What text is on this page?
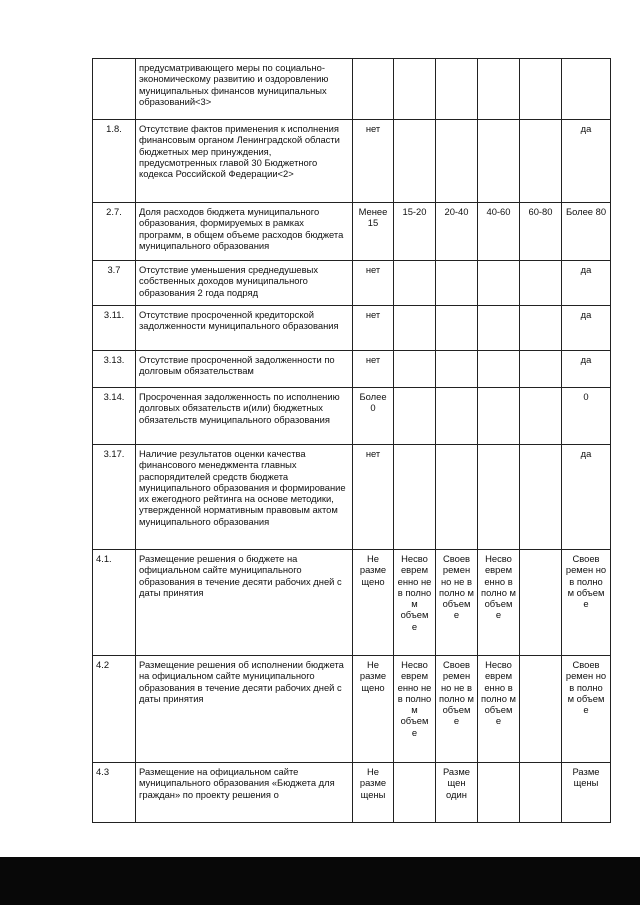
	предусматривающего меры по социально-экономическому развитию и оздоровлению муниципальных финансов муниципальных образований<3>						
1.8.	Отсутствие фактов применения к исполнения финансовым органом Ленинградской области бюджетных мер принуждения, предусмотренных главой 30 Бюджетного кодекса Российской Федерации<2>	нет					да
2.7.	Доля расходов бюджета муниципального образования, формируемых в рамках программ, в общем объеме расходов бюджета муниципального образования	Менее 15	15-20	20-40	40-60	60-80	Более 80
3.7	Отсутствие уменьшения среднедушевых собственных доходов муниципального образования 2 года подряд	нет					да
3.11.	Отсутствие просроченной кредиторской задолженности муниципального образования	нет					да
3.13.	Отсутствие просроченной задолженности по долговым обязательствам	нет					да
3.14.	Просроченная задолженность по исполнению долговых обязательств и(или) бюджетных обязательств муниципального образования	Более 0					0
3.17.	Наличие результатов оценки качества финансового менеджмента главных распорядителей средств бюджета муниципального образования и формирование их ежегодного рейтинга на основе методики, утвержденной нормативным правовым актом муниципального образования	нет					да
4.1.	Размещение решения о бюджете на официальном сайте муниципального образования в течение десяти рабочих дней с даты принятия	Не разме щено	Несво еврем енно не в полно м объем е	Своев ремен но не в полно м объем е	Несво еврем енно в полно м объем е		Своев ремен но в полно м объем е
4.2	Размещение решения об исполнении бюджета на официальном сайте муниципального образования в течение десяти рабочих дней с даты принятия	Не разме щено	Несво еврем енно не в полно м объем е	Своев ремен но не в полно м объем е	Несво еврем енно в полно м объем е		Своев ремен но в полно м объем е
4.3	Размещение на официальном сайте муниципального образования «Бюджета для граждан» по проекту решения о	Не разме щены		Разме щен один			Разме щены
